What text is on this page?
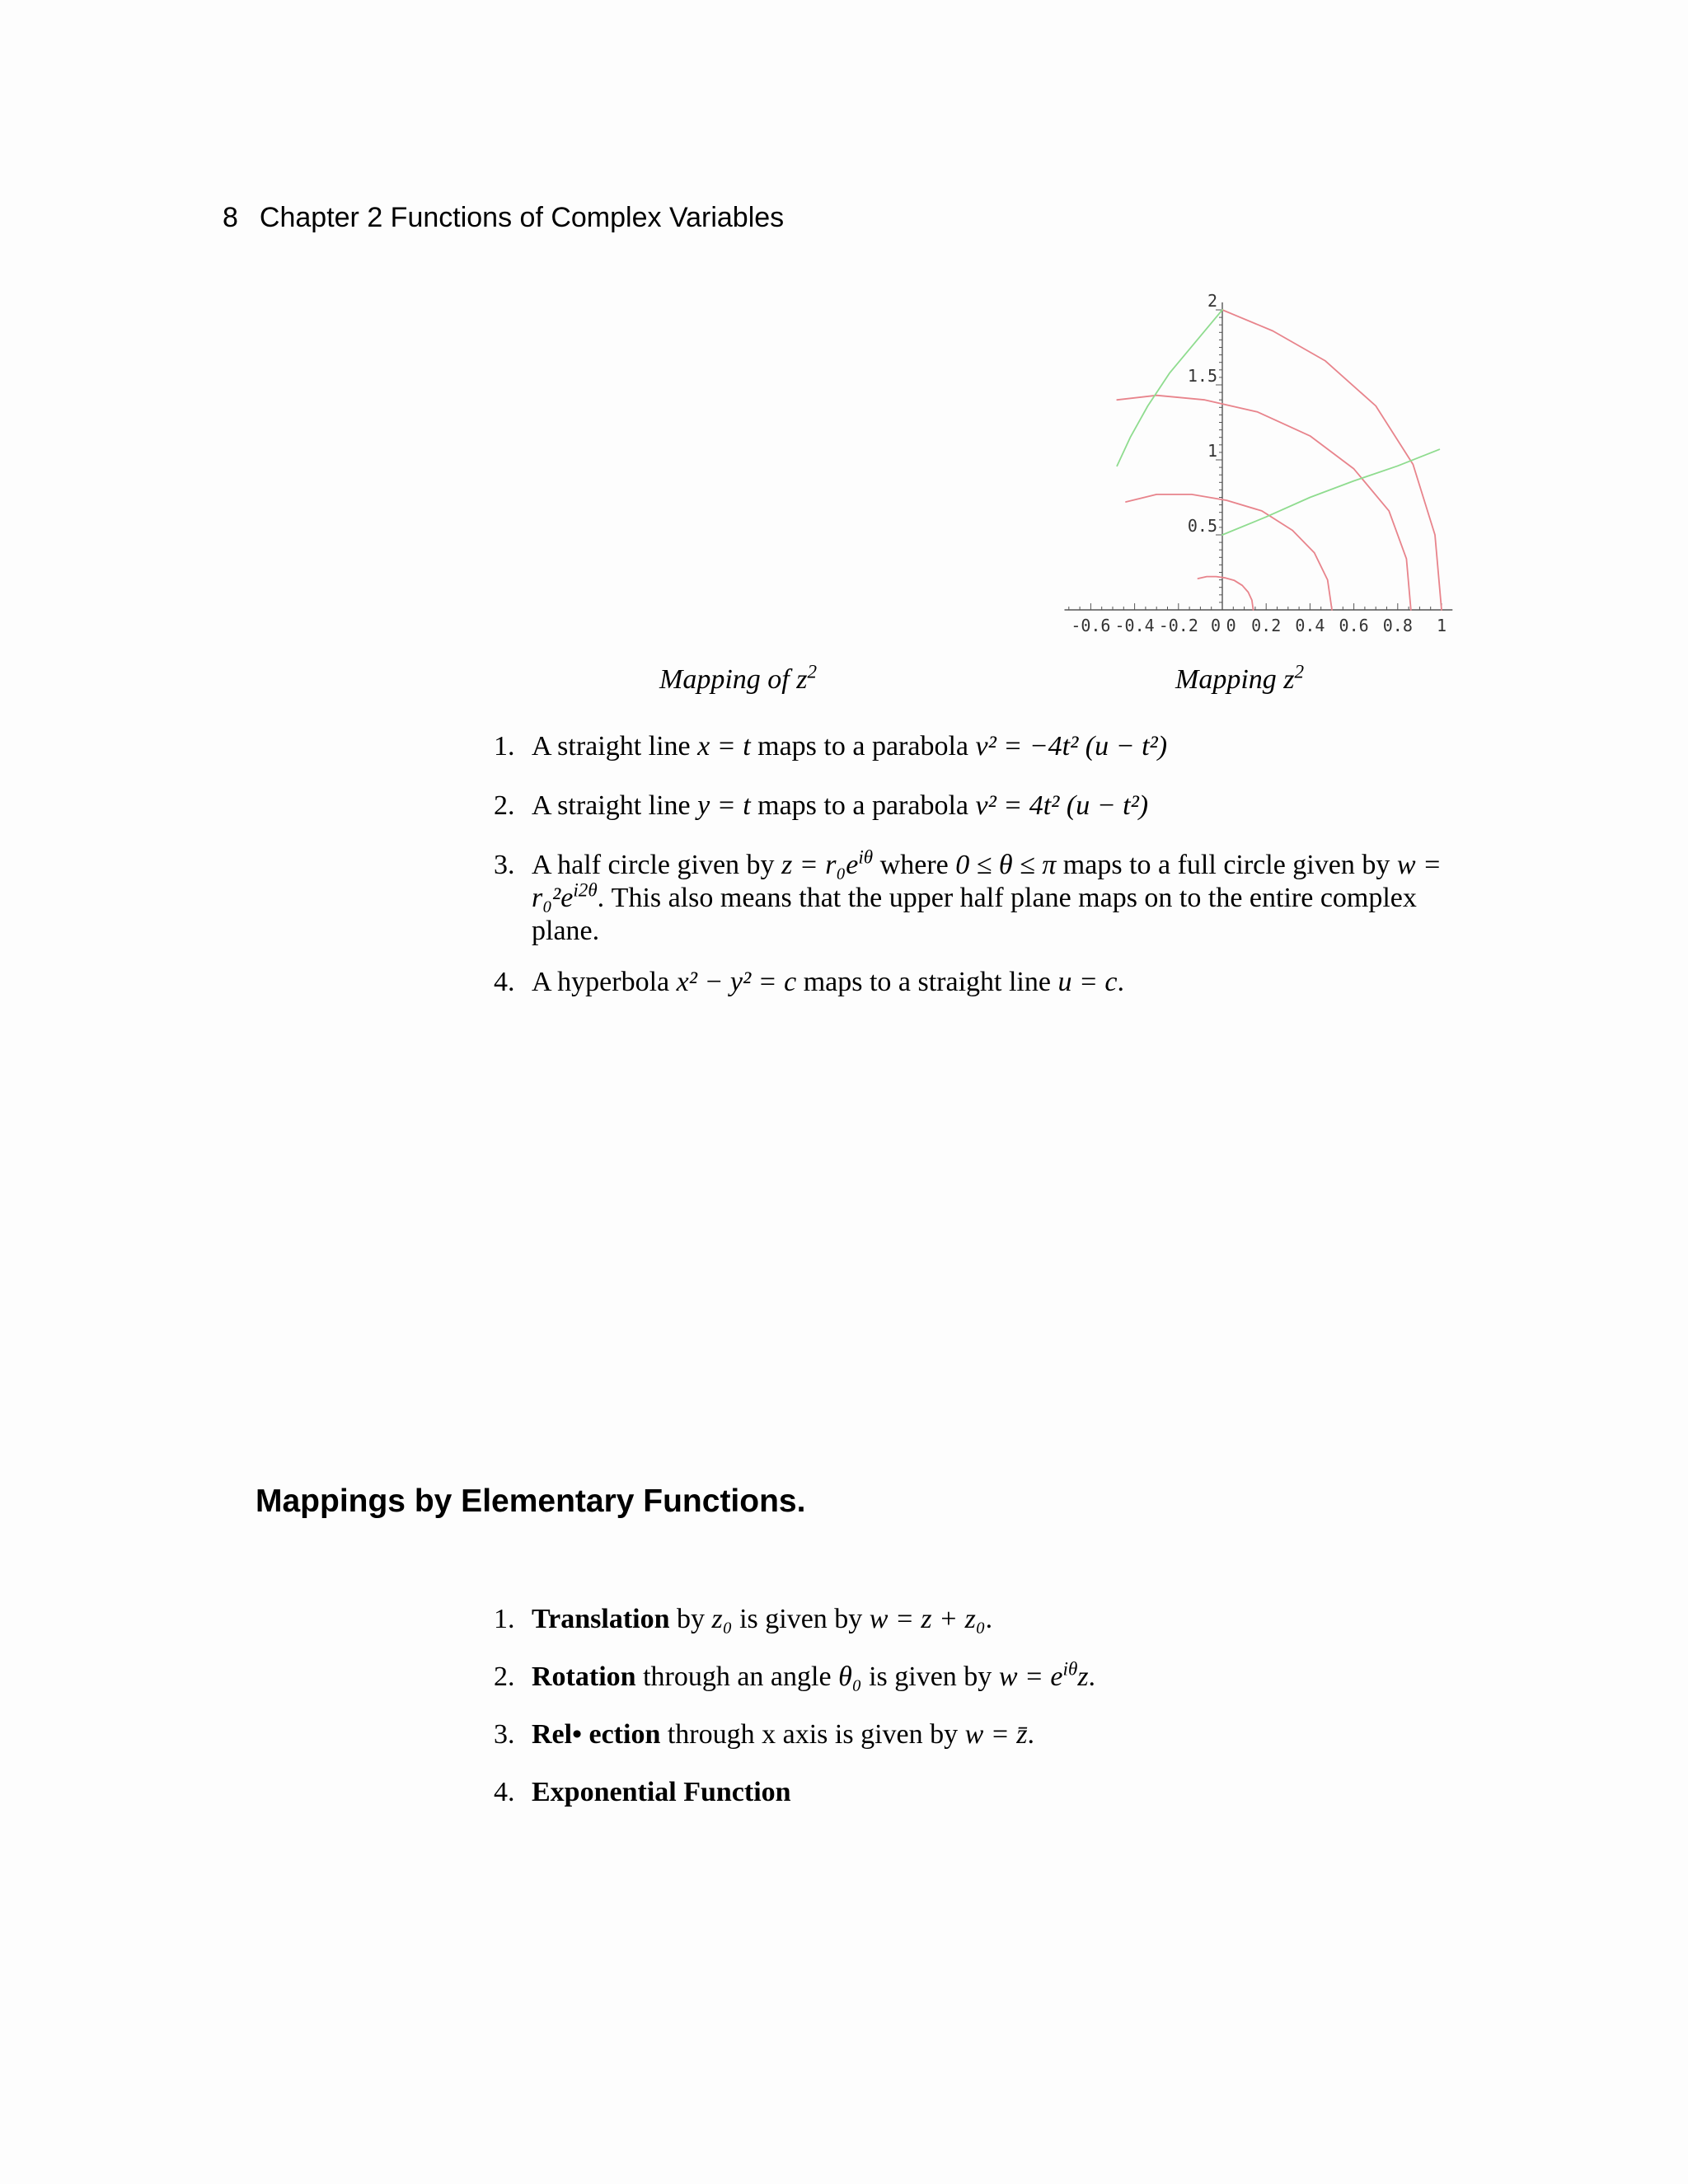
8 Chapter 2 Functions of Complex Variables
-0.6 -0.4 -0.2 0 0 0.2 0.4 0.6 0.8 1
0.5
1
1.5
2
Mapping of $z^2$	Mapping $z^2$
1. A straight line x = t maps to a parabola v² = −4t² (u − t²)
2. A straight line y = t maps to a parabola v² = 4t² (u − t²)
3. A half circle given by $z = r_0e^{i\theta}$ where 0 ≤ θ ≤ π maps to a full circle given by $w = r_0^2e^{i2\theta}$. This also means that the upper half plane maps on to the entire complex plane.
4. A hyperbola x² − y² = c maps to a straight line u = c.
Mappings by Elementary Functions.
1. Translation by z₀ is given by w = z + z₀.
2. Rotation through an angle θ₀ is given by $w = e^{i\theta}z$.
3. Rel• ection through x axis is given by w = z̄.
4. Exponential Function
